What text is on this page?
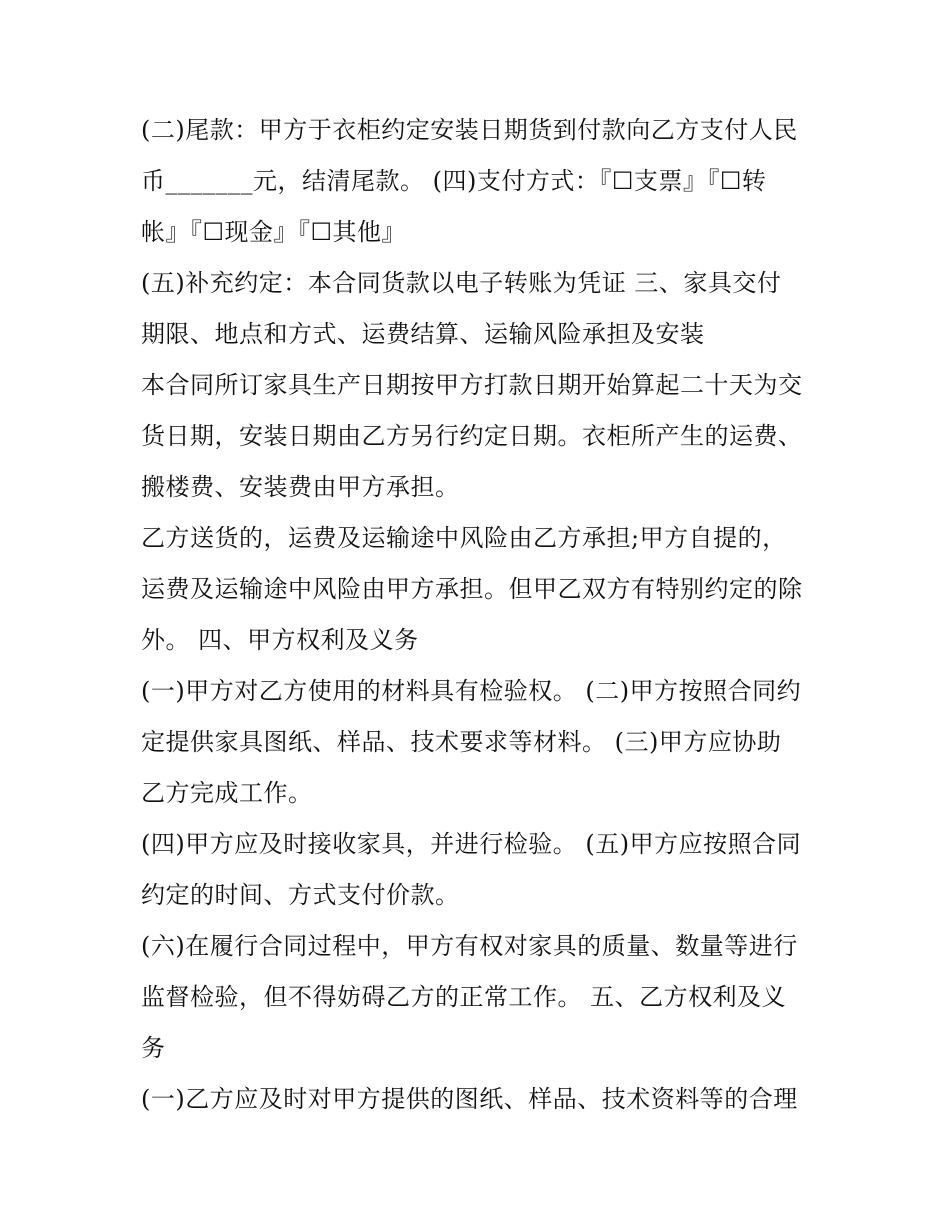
(二)尾款：甲方于衣柜约定安装日期货到付款向乙方支付人民
币_______元，结清尾款。 (四)支付方式：『☐支票』『☐转
帐』『☐现金』『☐其他』
(五)补充约定：本合同货款以电子转账为凭证 三、家具交付
期限、地点和方式、运费结算、运输风险承担及安装
本合同所订家具生产日期按甲方打款日期开始算起二十天为交
货日期，安装日期由乙方另行约定日期。衣柜所产生的运费、
搬楼费、安装费由甲方承担。
乙方送货的，运费及运输途中风险由乙方承担;甲方自提的，
运费及运输途中风险由甲方承担。但甲乙双方有特别约定的除
外。 四、甲方权利及义务
(一)甲方对乙方使用的材料具有检验权。 (二)甲方按照合同约
定提供家具图纸、样品、技术要求等材料。 (三)甲方应协助
乙方完成工作。
(四)甲方应及时接收家具，并进行检验。 (五)甲方应按照合同
约定的时间、方式支付价款。
(六)在履行合同过程中，甲方有权对家具的质量、数量等进行
监督检验，但不得妨碍乙方的正常工作。 五、乙方权利及义
务
(一)乙方应及时对甲方提供的图纸、样品、技术资料等的合理
